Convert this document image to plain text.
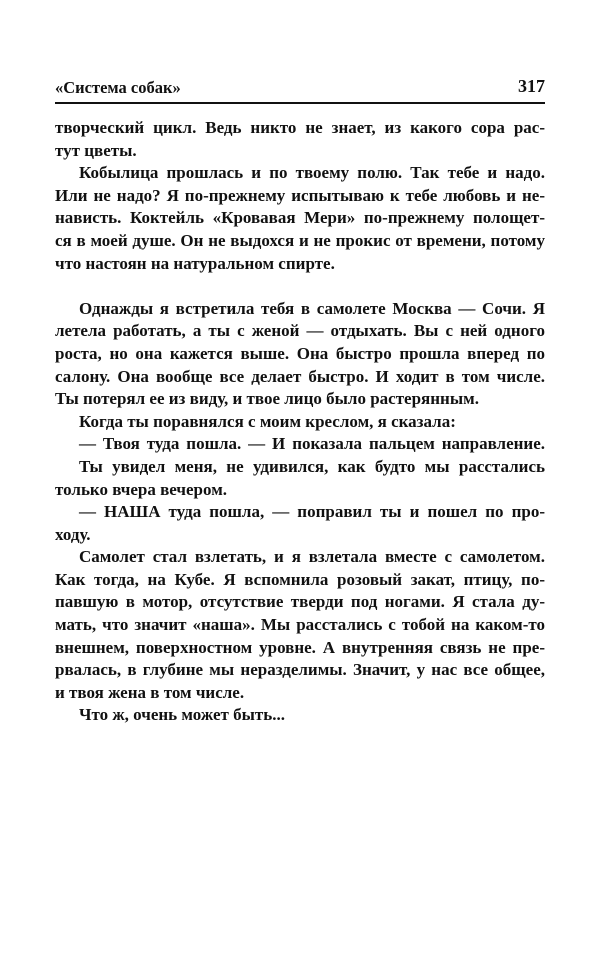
«Система собак»	317
творческий цикл. Ведь никто не знает, из какого сора рас-
тут цветы.
Кобылица прошлась и по твоему полю. Так тебе и надо.
Или не надо? Я по-прежнему испытываю к тебе любовь и не-
нависть. Коктейль «Кровавая Мери» по-прежнему полощет-
ся в моей душе. Он не выдохся и не прокис от времени, потому
что настоян на натуральном спирте.
Однажды я встретила тебя в самолете Москва — Сочи. Я
летела работать, а ты с женой — отдыхать. Вы с ней одного
роста, но она кажется выше. Она быстро прошла вперед по
салону. Она вообще все делает быстро. И ходит в том числе.
Ты потерял ее из виду, и твое лицо было растерянным.
Когда ты поравнялся с моим креслом, я сказала:
— Твоя туда пошла. — И показала пальцем направление.
Ты увидел меня, не удивился, как будто мы расстались
только вчера вечером.
— НАША туда пошла, — поправил ты и пошел по про-
ходу.
Самолет стал взлетать, и я взлетала вместе с самолетом.
Как тогда, на Кубе. Я вспомнила розовый закат, птицу, по-
павшую в мотор, отсутствие тверди под ногами. Я стала ду-
мать, что значит «наша». Мы расстались с тобой на каком-то
внешнем, поверхностном уровне. А внутренняя связь не пре-
рвалась, в глубине мы неразделимы. Значит, у нас все общее,
и твоя жена в том числе.
Что ж, очень может быть...
